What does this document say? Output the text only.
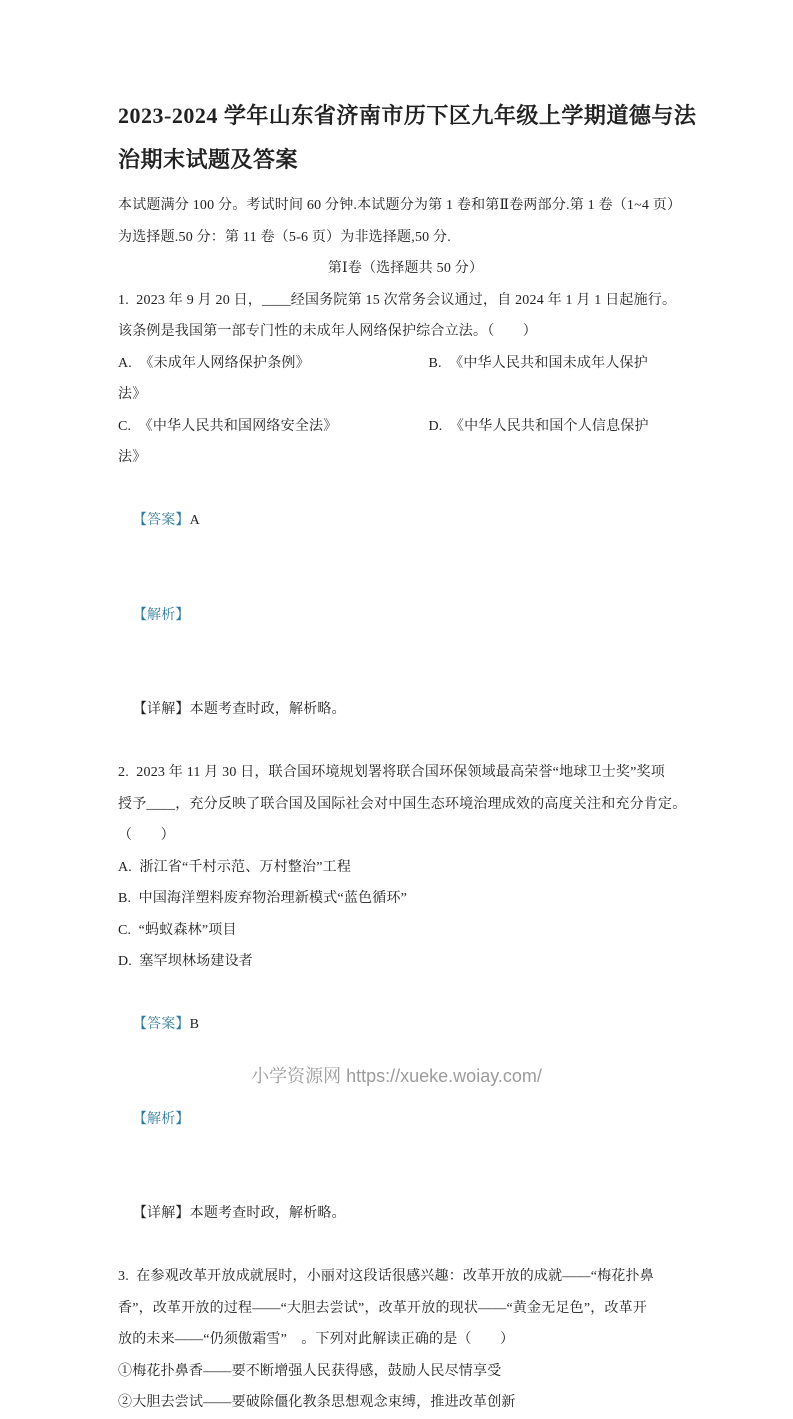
2023-2024 学年山东省济南市历下区九年级上学期道德与法
治期末试题及答案
本试题满分 100 分。考试时间 60 分钟.本试题分为第 1 卷和第Ⅱ卷两部分.第 1 卷（1~4 页）
为选择题.50 分：第 11 卷（5-6 页）为非选择题,50 分.
第Ⅰ卷（选择题共 50 分）
1.  2023 年 9 月 20 日，____经国务院第 15 次常务会议通过，自 2024 年 1 月 1 日起施行。
该条例是我国第一部专门性的未成年人网络保护综合立法。（　　）
A.  《未成年人网络保护条例》	B.  《中华人民共和国未成年人保护
法》
C.  《中华人民共和国网络安全法》	D.  《中华人民共和国个人信息保护
法》

【答案】A

【解析】

【详解】本题考查时政，解析略。

2.  2023 年 11 月 30 日，联合国环境规划署将联合国环保领域最高荣誉“地球卫士奖”奖项
授予____，充分反映了联合国及国际社会对中国生态环境治理成效的高度关注和充分肯定。
（　　）
A.  浙江省“千村示范、万村整治”工程
B.  中国海洋塑料废弃物治理新模式“蓝色循环”
C.  “蚂蚁森林”项目
D.  塞罕坝林场建设者

【答案】B

【解析】

【详解】本题考查时政，解析略。

3.  在参观改革开放成就展时，小丽对这段话很感兴趣：改革开放的成就——“梅花扑鼻
香”，改革开放的过程——“大胆去尝试”，改革开放的现状——“黄金无足色”，改革开
放的未来——“仍须傲霜雪”　。下列对此解读正确的是（　　）
①梅花扑鼻香——要不断增强人民获得感，鼓励人民尽情享受
②大胆去尝试——要破除僵化教条思想观念束缚，推进改革创新
小学资源网 https://xueke.woiay.com/
